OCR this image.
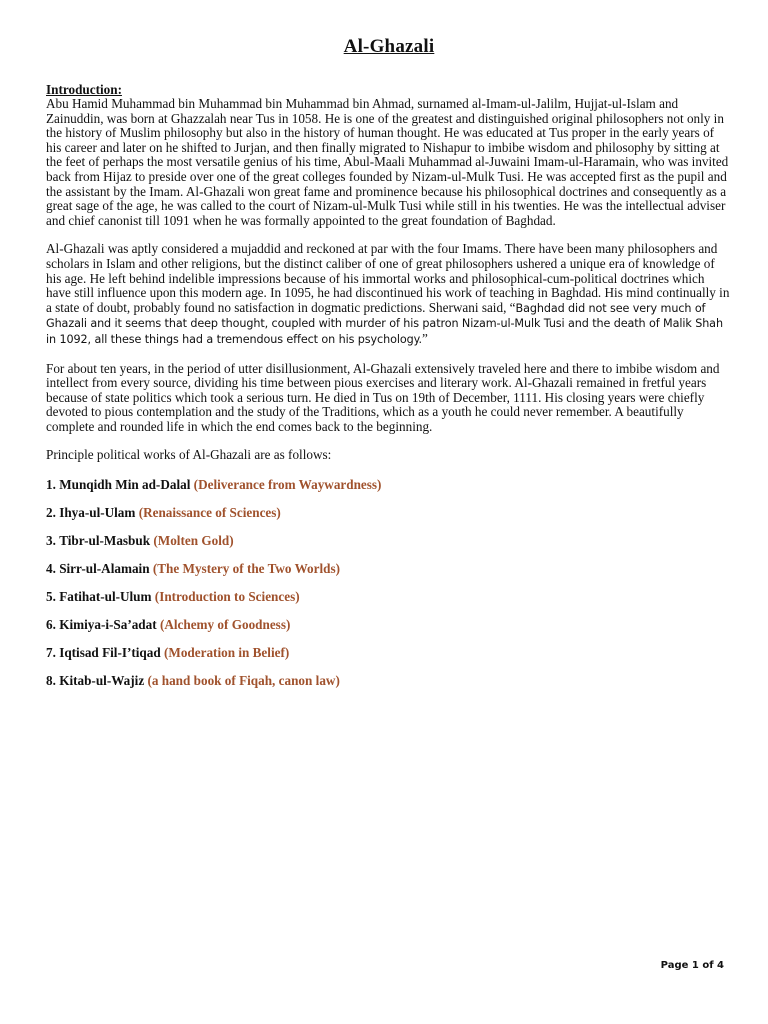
Al-Ghazali
Introduction:

Abu Hamid Muhammad bin Muhammad bin Muhammad bin Ahmad, surnamed al-Imam-ul-Jalilm, Hujjat-ul-Islam and Zainuddin, was born at Ghazzalah near Tus in 1058. He is one of the greatest and distinguished original philosophers not only in the history of Muslim philosophy but also in the history of human thought. He was educated at Tus proper in the early years of his career and later on he shifted to Jurjan, and then finally migrated to Nishapur to imbibe wisdom and philosophy by sitting at the feet of perhaps the most versatile genius of his time, Abul-Maali Muhammad al-Juwaini Imam-ul-Haramain, who was invited back from Hijaz to preside over one of the great colleges founded by Nizam-ul-Mulk Tusi. He was accepted first as the pupil and the assistant by the Imam. Al-Ghazali won great fame and prominence because his philosophical doctrines and consequently as a great sage of the age, he was called to the court of Nizam-ul-Mulk Tusi while still in his twenties. He was the intellectual adviser and chief canonist till 1091 when he was formally appointed to the great foundation of Baghdad.

Al-Ghazali was aptly considered a mujaddid and reckoned at par with the four Imams. There have been many philosophers and scholars in Islam and other religions, but the distinct caliber of one of great philosophers ushered a unique era of knowledge of his age. He left behind indelible impressions because of his immortal works and philosophical-cum-political doctrines which have still influence upon this modern age. In 1095, he had discontinued his work of teaching in Baghdad. His mind continually in a state of doubt, probably found no satisfaction in dogmatic predictions. Sherwani said, “Baghdad did not see very much of Ghazali and it seems that deep thought, coupled with murder of his patron Nizam-ul-Mulk Tusi and the death of Malik Shah in 1092, all these things had a tremendous effect on his psychology.”

For about ten years, in the period of utter disillusionment, Al-Ghazali extensively traveled here and there to imbibe wisdom and intellect from every source, dividing his time between pious exercises and literary work. Al-Ghazali remained in fretful years because of state politics which took a serious turn. He died in Tus on 19th of December, 1111. His closing years were chiefly devoted to pious contemplation and the study of the Traditions, which as a youth he could never remember. A beautifully complete and rounded life in which the end comes back to the beginning.

Principle political works of Al-Ghazali are as follows:

1. Munqidh Min ad-Dalal (Deliverance from Waywardness)
2. Ihya-ul-Ulam (Renaissance of Sciences)
3. Tibr-ul-Masbuk (Molten Gold)
4. Sirr-ul-Alamain (The Mystery of the Two Worlds)
5. Fatihat-ul-Ulum (Introduction to Sciences)
6. Kimiya-i-Sa’adat (Alchemy of Goodness)
7. Iqtisad Fil-I’tiqad (Moderation in Belief)
8. Kitab-ul-Wajiz (a hand book of Fiqah, canon law)
Page 1 of 4
